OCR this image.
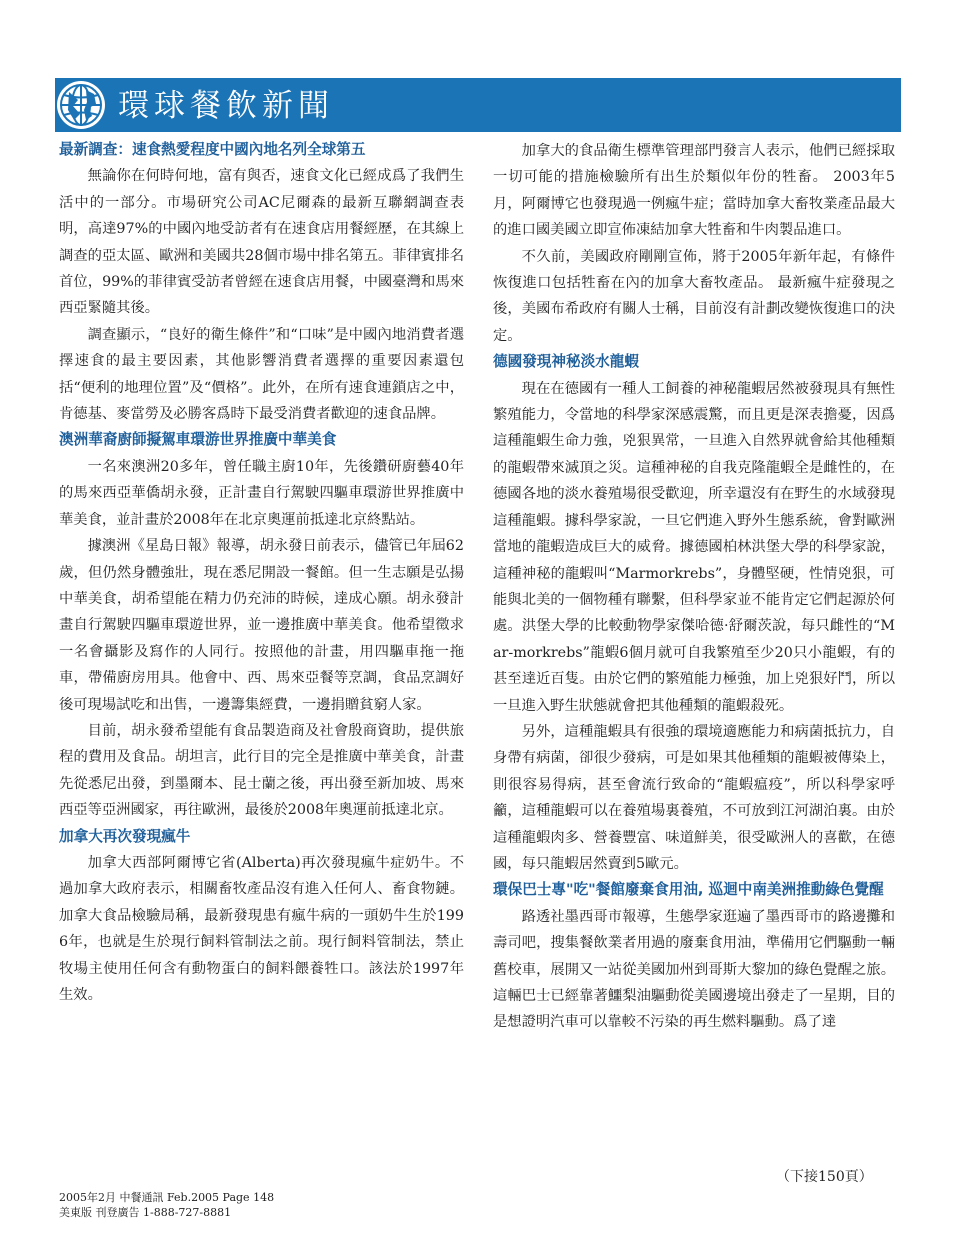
環球餐飲新聞
最新調查：速食熱愛程度中國內地名列全球第五

無論你在何時何地，富有與否，速食文化已經成爲了我們生活中的一部分。市場研究公司AC尼爾森的最新互聯網調查表明，高達97%的中國內地受訪者有在速食店用餐經歷，在其線上調查的亞太區、歐洲和美國共28個市場中排名第五。菲律賓排名首位，99%的菲律賓受訪者曾經在速食店用餐，中國臺灣和馬來西亞緊隨其後。

調查顯示，“良好的衛生條件”和“口味”是中國內地消費者選擇速食的最主要因素，其他影響消費者選擇的重要因素還包括“便利的地理位置”及“價格”。此外，在所有速食連鎖店之中，肯德基、麥當勞及必勝客爲時下最受消費者歡迎的速食品牌。

澳洲華裔廚師擬駕車環游世界推廣中華美食

一名來澳洲20多年，曾任職主廚10年，先後鑽研廚藝40年的馬來西亞華僑胡永發，正計畫自行駕駛四驅車環游世界推廣中華美食，並計畫於2008年在北京奧運前抵達北京終點站。

據澳洲《星島日報》報導，胡永發日前表示，儘管已年屆62歲，但仍然身體強壯，現在悉尼開設一餐館。但一生志願是弘揚中華美食，胡希望能在精力仍充沛的時候，達成心願。胡永發計畫自行駕駛四驅車環遊世界，並一邊推廣中華美食。他希望徵求一名會攝影及寫作的人同行。按照他的計畫，用四驅車拖一拖車，帶備廚房用具。他會中、西、馬來亞餐等烹調，食品烹調好後可現場試吃和出售，一邊籌集經費，一邊捐贈貧窮人家。

目前，胡永發希望能有食品製造商及社會殷商資助，提供旅程的費用及食品。胡坦言，此行目的完全是推廣中華美食，計畫先從悉尼出發，到墨爾本、昆士蘭之後，再出發至新加坡、馬來西亞等亞洲國家，再往歐洲，最後於2008年奧運前抵達北京。

加拿大再次發現瘋牛

加拿大西部阿爾博它省(Alberta)再次發現瘋牛症奶牛。不過加拿大政府表示，相關畜牧產品沒有進入任何人、畜食物鏈。 加拿大食品檢驗局稱，最新發現患有瘋牛病的一頭奶牛生於1996年，也就是生於現行飼料管制法之前。現行飼料管制法，禁止牧場主使用任何含有動物蛋白的飼料餵養牲口。該法於1997年生效。

加拿大的食品衛生標準管理部門發言人表示，他們已經採取一切可能的措施檢驗所有出生於類似年份的牲畜。 2003年5月，阿爾博它也發現過一例瘋牛症；當時加拿大畜牧業產品最大的進口國美國立即宣佈凍結加拿大牲畜和牛肉製品進口。

不久前，美國政府剛剛宣佈，將于2005年新年起，有條件恢復進口包括牲畜在內的加拿大畜牧產品。 最新瘋牛症發現之後，美國布希政府有關人士稱，目前沒有計劃改變恢復進口的決定。

德國發現神秘淡水龍蝦

現在在德國有一種人工飼養的神秘龍蝦居然被發現具有無性繁殖能力，令當地的科學家深感震驚，而且更是深表擔憂，因爲這種龍蝦生命力強，兇狠異常，一旦進入自然界就會給其他種類的龍蝦帶來滅頂之災。這種神秘的自我克隆龍蝦全是雌性的，在德國各地的淡水養殖場很受歡迎，所幸還沒有在野生的水域發現這種龍蝦。據科學家說，一旦它們進入野外生態系統，會對歐洲當地的龍蝦造成巨大的威脅。據德國柏林洪堡大學的科學家說，這種神秘的龍蝦叫“Marmorkrebs”，身體堅硬，性情兇狠，可能與北美的一個物種有聯繫，但科學家並不能肯定它們起源於何處。洪堡大學的比較動物學家傑哈德·舒爾茨說，每只雌性的“Mar-morkrebs”龍蝦6個月就可自我繁殖至少20只小龍蝦，有的甚至達近百隻。由於它們的繁殖能力極強，加上兇狠好鬥，所以一旦進入野生狀態就會把其他種類的龍蝦殺死。

另外，這種龍蝦具有很強的環境適應能力和病菌抵抗力，自身帶有病菌，卻很少發病，可是如果其他種類的龍蝦被傳染上，則很容易得病，甚至會流行致命的“龍蝦瘟疫”，所以科學家呼籲，這種龍蝦可以在養殖場裏養殖，不可放到江河湖泊裏。由於這種龍蝦肉多、營養豐富、味道鮮美，很受歐洲人的喜歡，在德國，每只龍蝦居然賣到5歐元。

環保巴士專"吃"餐館廢棄食用油, 巡迴中南美洲推動綠色覺醒

路透社墨西哥市報導，生態學家逛遍了墨西哥市的路邊攤和壽司吧，搜集餐飲業者用過的廢棄食用油，準備用它們驅動一輛舊校車，展開又一站從美國加州到哥斯大黎加的綠色覺醒之旅。這輛巴士已經靠著鱷梨油驅動從美國邊境出發走了一星期，目的是想證明汽車可以靠較不污染的再生燃料驅動。爲了達

（下接150頁）
2005年2月 中餐通訊 Feb.2005 Page 148
美東版 刊登廣告 1-888-727-8881
